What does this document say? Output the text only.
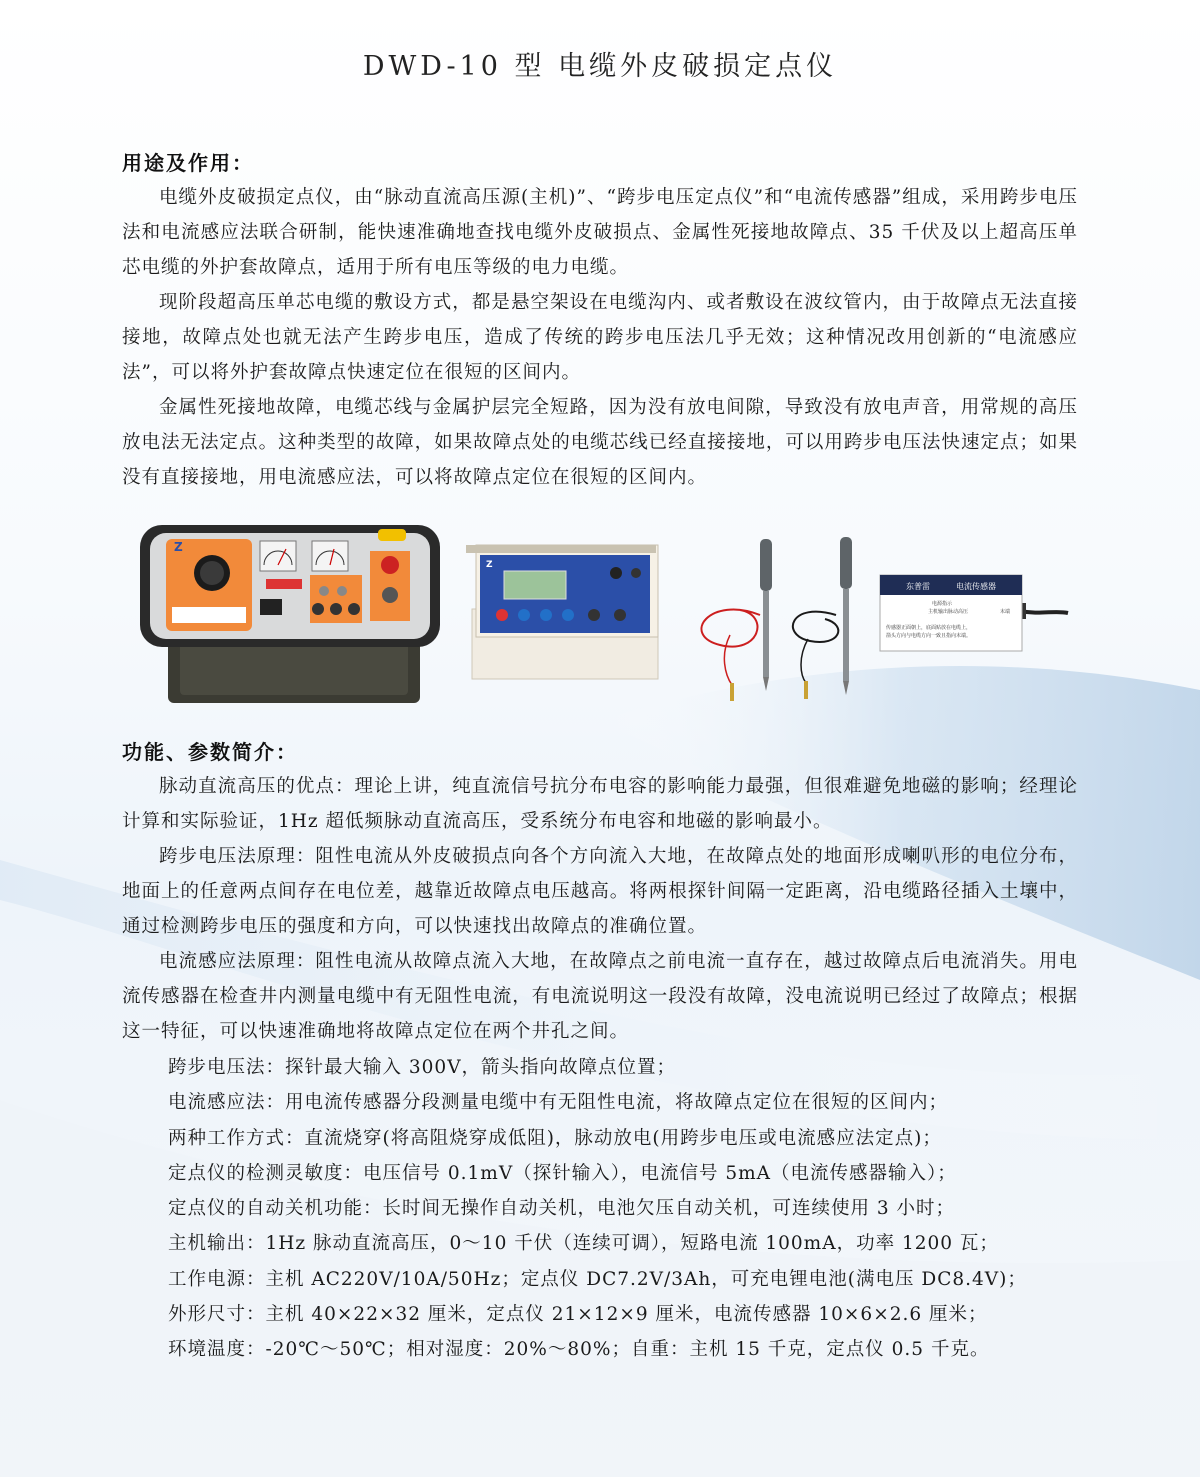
DWD-10 型 电缆外皮破损定点仪
用途及作用：

电缆外皮破损定点仪，由“脉动直流高压源(主机)”、“跨步电压定点仪”和“电流传感器”组成，采用跨步电压法和电流感应法联合研制，能快速准确地查找电缆外皮破损点、金属性死接地故障点、35 千伏及以上超高压单芯电缆的外护套故障点，适用于所有电压等级的电力电缆。

现阶段超高压单芯电缆的敷设方式，都是悬空架设在电缆沟内、或者敷设在波纹管内，由于故障点无法直接接地，故障点处也就无法产生跨步电压，造成了传统的跨步电压法几乎无效；这种情况改用创新的“电流感应法”，可以将外护套故障点快速定位在很短的区间内。

金属性死接地故障，电缆芯线与金属护层完全短路，因为没有放电间隙，导致没有放电声音，用常规的高压放电法无法定点。这种类型的故障，如果故障点处的电缆芯线已经直接接地，可以用跨步电压法快速定点；如果没有直接接地，用电流感应法，可以将故障点定位在很短的区间内。

Z
Z
东普雷	电流传感器
电源指示
主机输出脉动高压	末端
传感器正面朝上，底面贴放在电缆上，
箭头方向与电缆方向一致且指向末端。
功能、参数简介：

脉动直流高压的优点：理论上讲，纯直流信号抗分布电容的影响能力最强，但很难避免地磁的影响；经理论计算和实际验证，1Hz 超低频脉动直流高压，受系统分布电容和地磁的影响最小。

跨步电压法原理：阻性电流从外皮破损点向各个方向流入大地，在故障点处的地面形成喇叭形的电位分布，地面上的任意两点间存在电位差，越靠近故障点电压越高。将两根探针间隔一定距离，沿电缆路径插入土壤中，通过检测跨步电压的强度和方向，可以快速找出故障点的准确位置。

电流感应法原理：阻性电流从故障点流入大地，在故障点之前电流一直存在，越过故障点后电流消失。用电流传感器在检查井内测量电缆中有无阻性电流，有电流说明这一段没有故障，没电流说明已经过了故障点；根据这一特征，可以快速准确地将故障点定位在两个井孔之间。

跨步电压法：探针最大输入 300V，箭头指向故障点位置；
电流感应法：用电流传感器分段测量电缆中有无阻性电流，将故障点定位在很短的区间内；
两种工作方式：直流烧穿(将高阻烧穿成低阻)，脉动放电(用跨步电压或电流感应法定点)；
定点仪的检测灵敏度：电压信号 0.1mV（探针输入），电流信号 5mA（电流传感器输入）；
定点仪的自动关机功能：长时间无操作自动关机，电池欠压自动关机，可连续使用 3 小时；
主机输出：1Hz 脉动直流高压，0～10 千伏（连续可调），短路电流 100mA，功率 1200 瓦；
工作电源：主机 AC220V/10A/50Hz；定点仪 DC7.2V/3Ah，可充电锂电池(满电压 DC8.4V)；
外形尺寸：主机 40×22×32 厘米，定点仪 21×12×9 厘米，电流传感器 10×6×2.6 厘米；
环境温度：-20℃～50℃；相对湿度：20%～80%；自重：主机 15 千克，定点仪 0.5 千克。
